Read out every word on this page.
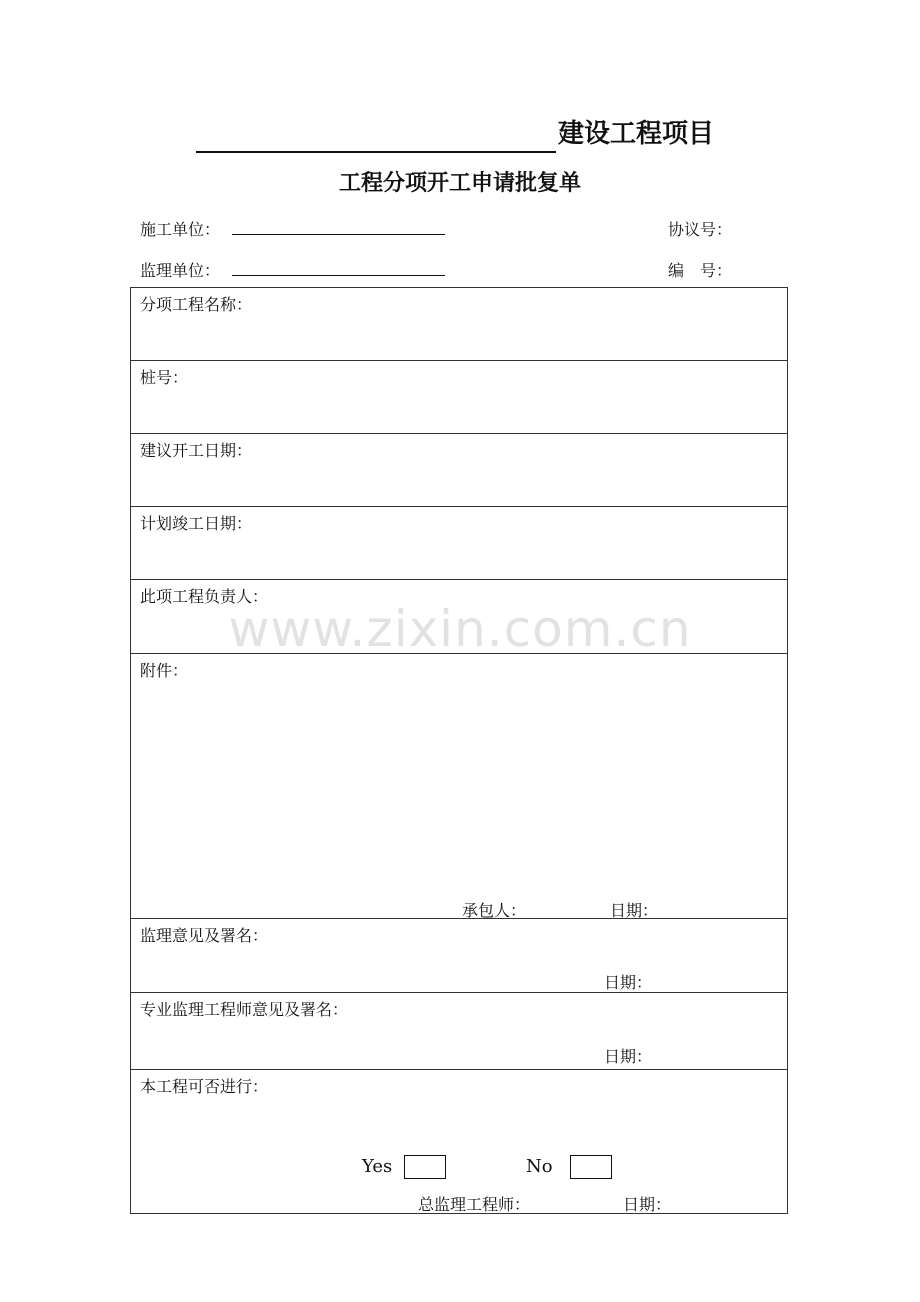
建设工程项目
工程分项开工申请批复单
施工单位：	协议号：
监理单位：	编　号：
分项工程名称：
桩号：
建议开工日期：
计划竣工日期：
此项工程负责人：
附件：
承包人：	日期：
监理意见及署名：
日期：
专业监理工程师意见及署名：
日期：
本工程可否进行：
Yes	No
总监理工程师：	日期：
www.zixin.com.cn
